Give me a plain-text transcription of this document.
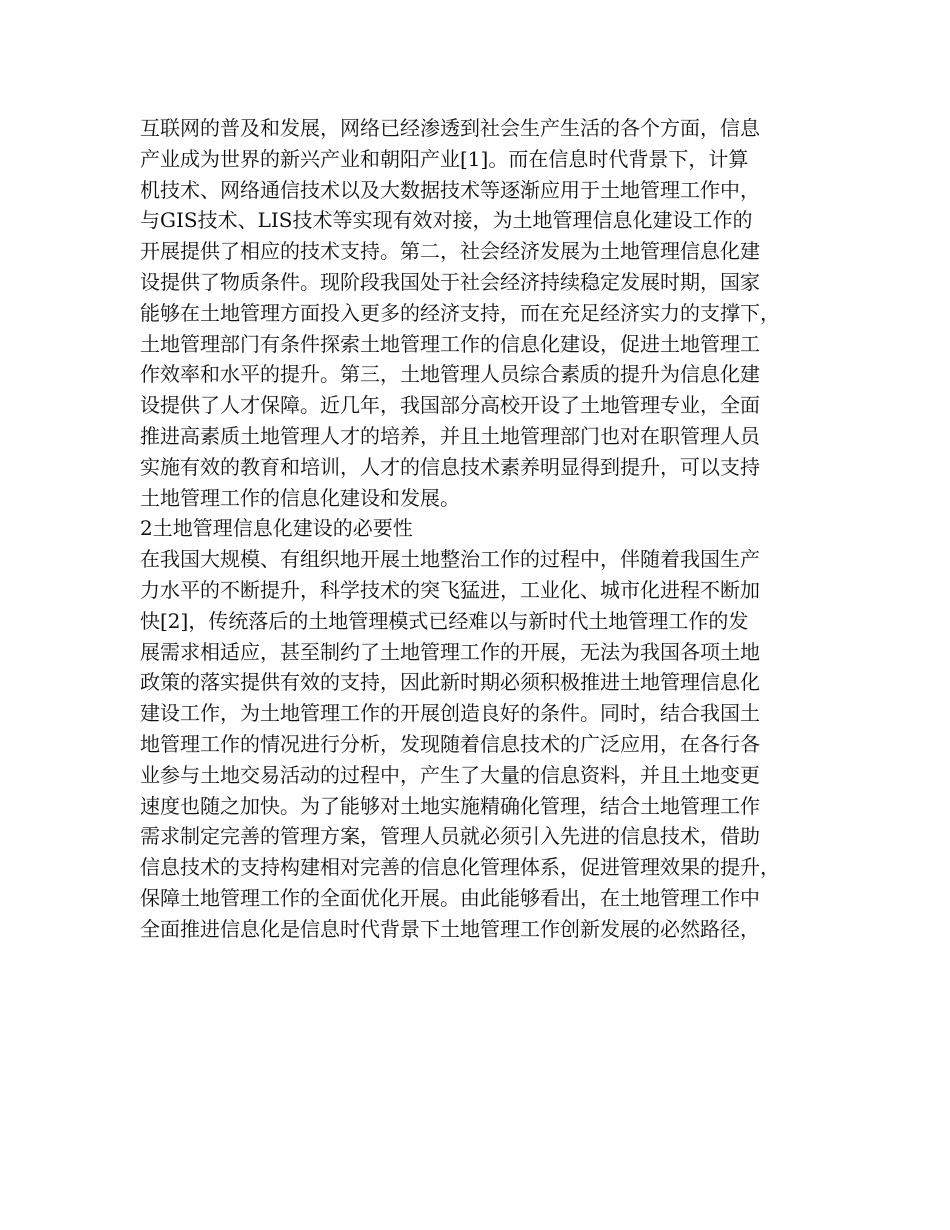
互联网的普及和发展，网络已经渗透到社会生产生活的各个方面，信息
产业成为世界的新兴产业和朝阳产业[1]。而在信息时代背景下，计算
机技术、网络通信技术以及大数据技术等逐渐应用于土地管理工作中，
与GIS技术、LIS技术等实现有效对接，为土地管理信息化建设工作的
开展提供了相应的技术支持。第二，社会经济发展为土地管理信息化建
设提供了物质条件。现阶段我国处于社会经济持续稳定发展时期，国家
能够在土地管理方面投入更多的经济支持，而在充足经济实力的支撑下，
土地管理部门有条件探索土地管理工作的信息化建设，促进土地管理工
作效率和水平的提升。第三，土地管理人员综合素质的提升为信息化建
设提供了人才保障。近几年，我国部分高校开设了土地管理专业，全面
推进高素质土地管理人才的培养，并且土地管理部门也对在职管理人员
实施有效的教育和培训，人才的信息技术素养明显得到提升，可以支持
土地管理工作的信息化建设和发展。
2土地管理信息化建设的必要性
在我国大规模、有组织地开展土地整治工作的过程中，伴随着我国生产
力水平的不断提升，科学技术的突飞猛进，工业化、城市化进程不断加
快[2]，传统落后的土地管理模式已经难以与新时代土地管理工作的发
展需求相适应，甚至制约了土地管理工作的开展，无法为我国各项土地
政策的落实提供有效的支持，因此新时期必须积极推进土地管理信息化
建设工作，为土地管理工作的开展创造良好的条件。同时，结合我国土
地管理工作的情况进行分析，发现随着信息技术的广泛应用，在各行各
业参与土地交易活动的过程中，产生了大量的信息资料，并且土地变更
速度也随之加快。为了能够对土地实施精确化管理，结合土地管理工作
需求制定完善的管理方案，管理人员就必须引入先进的信息技术，借助
信息技术的支持构建相对完善的信息化管理体系，促进管理效果的提升，
保障土地管理工作的全面优化开展。由此能够看出，在土地管理工作中
全面推进信息化是信息时代背景下土地管理工作创新发展的必然路径，
